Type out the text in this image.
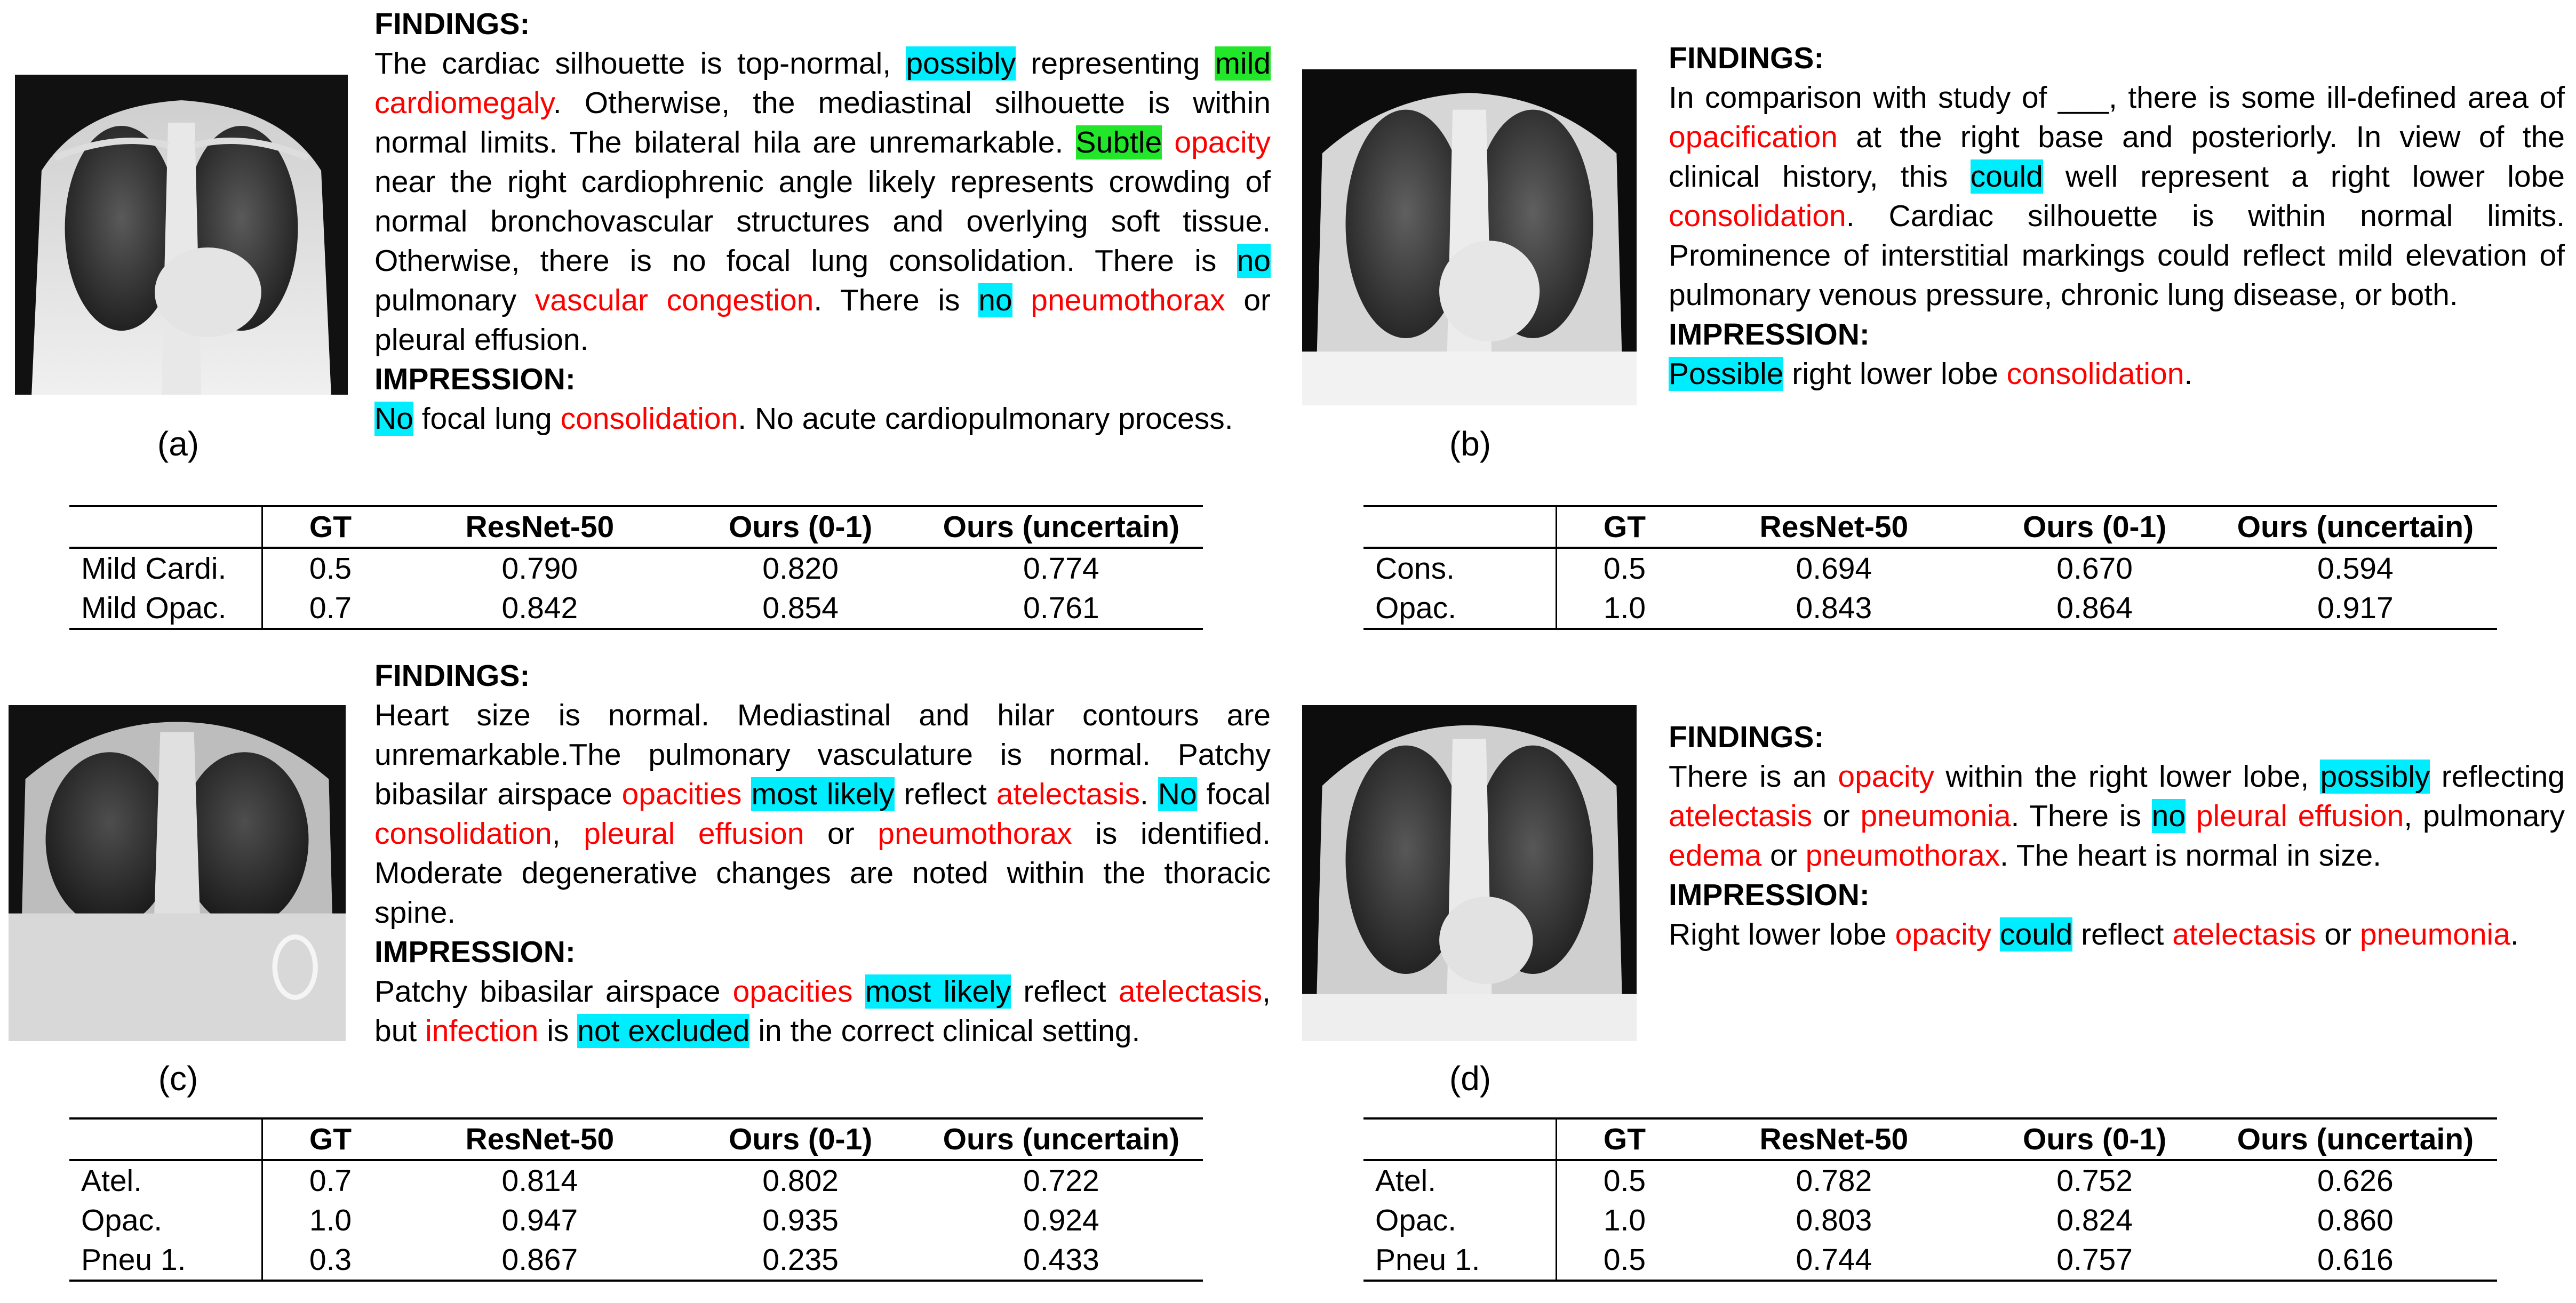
(a)
FINDINGS:

The cardiac silhouette is top-normal, possibly representing mild cardiomegaly. Otherwise, the mediastinal silhouette is within normal limits. The bilateral hila are unremarkable. Subtle opacity near the right cardiophrenic angle likely represents crowding of normal bronchovascular structures and overlying soft tissue. Otherwise, there is no focal lung consolidation. There is no pulmonary vascular congestion. There is no pneumothorax or pleural effusion.

IMPRESSION:

No focal lung consolidation. No acute cardiopulmonary process.

	GT	ResNet-50	Ours (0-1)	Ours (uncertain)
Mild Cardi.	0.5	0.790	0.820	0.774
Mild Opac.	0.7	0.842	0.854	0.761
(b)
FINDINGS:

In comparison with study of ___, there is some ill-defined area of opacification at the right base and posteriorly. In view of the clinical history, this could well represent a right lower lobe consolidation. Cardiac silhouette is within normal limits. Prominence of interstitial markings could reflect mild elevation of pulmonary venous pressure, chronic lung disease, or both.

IMPRESSION:

Possible right lower lobe consolidation.

	GT	ResNet-50	Ours (0-1)	Ours (uncertain)
Cons.	0.5	0.694	0.670	0.594
Opac.	1.0	0.843	0.864	0.917
(c)
FINDINGS:

Heart size is normal. Mediastinal and hilar contours are unremarkable.The pulmonary vasculature is normal. Patchy bibasilar airspace opacities most likely reflect atelectasis. No focal consolidation, pleural effusion or pneumothorax is identified. Moderate degenerative changes are noted within the thoracic spine.

IMPRESSION:

Patchy bibasilar airspace opacities most likely reflect atelectasis, but infection is not excluded in the correct clinical setting.

	GT	ResNet-50	Ours (0-1)	Ours (uncertain)
Atel.	0.7	0.814	0.802	0.722
Opac.	1.0	0.947	0.935	0.924
Pneu 1.	0.3	0.867	0.235	0.433
(d)
FINDINGS:

There is an opacity within the right lower lobe, possibly reflecting atelectasis or pneumonia. There is no pleural effusion, pulmonary edema or pneumothorax. The heart is normal in size.

IMPRESSION:

Right lower lobe opacity could reflect atelectasis or pneumonia.

	GT	ResNet-50	Ours (0-1)	Ours (uncertain)
Atel.	0.5	0.782	0.752	0.626
Opac.	1.0	0.803	0.824	0.860
Pneu 1.	0.5	0.744	0.757	0.616
